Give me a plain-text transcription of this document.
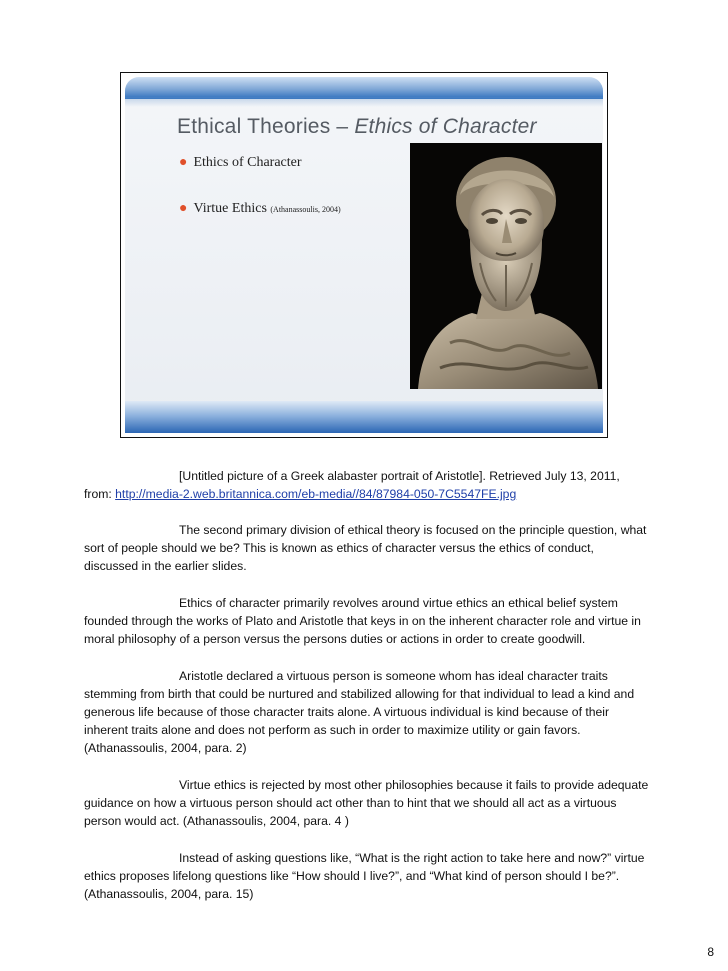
Ethical Theories – Ethics of Character
● Ethics of Character
● Virtue Ethics (Athanassoulis, 2004)

[Untitled picture of a Greek alabaster portrait of Aristotle]. Retrieved July 13, 2011,
from: http://media-2.web.britannica.com/eb-media//84/87984-050-7C5547FE.jpg

The second primary division of ethical theory is focused on the principle question, what sort of people should we be? This is known as ethics of character versus the ethics of conduct, discussed in the earlier slides.

Ethics of character primarily revolves around virtue ethics an ethical belief system founded through the works of Plato and Aristotle that keys in on the inherent character role and virtue in moral philosophy of a person versus the persons duties or actions in order to create goodwill.

Aristotle declared a virtuous person is someone whom has ideal character traits stemming from birth that could be nurtured and stabilized allowing for that individual to lead a kind and generous life because of those character traits alone. A virtuous individual is kind because of their inherent traits alone and does not perform as such in order to maximize utility or gain favors. (Athanassoulis, 2004, para. 2)

Virtue ethics is rejected by most other philosophies because it fails to provide adequate guidance on how a virtuous person should act other than to hint that we should all act as a virtuous person would act. (Athanassoulis, 2004, para. 4 )

Instead of asking questions like, “What is the right action to take here and now?” virtue ethics proposes lifelong questions like “How should I live?”, and “What kind of person should I be?”. (Athanassoulis, 2004, para. 15)

8
